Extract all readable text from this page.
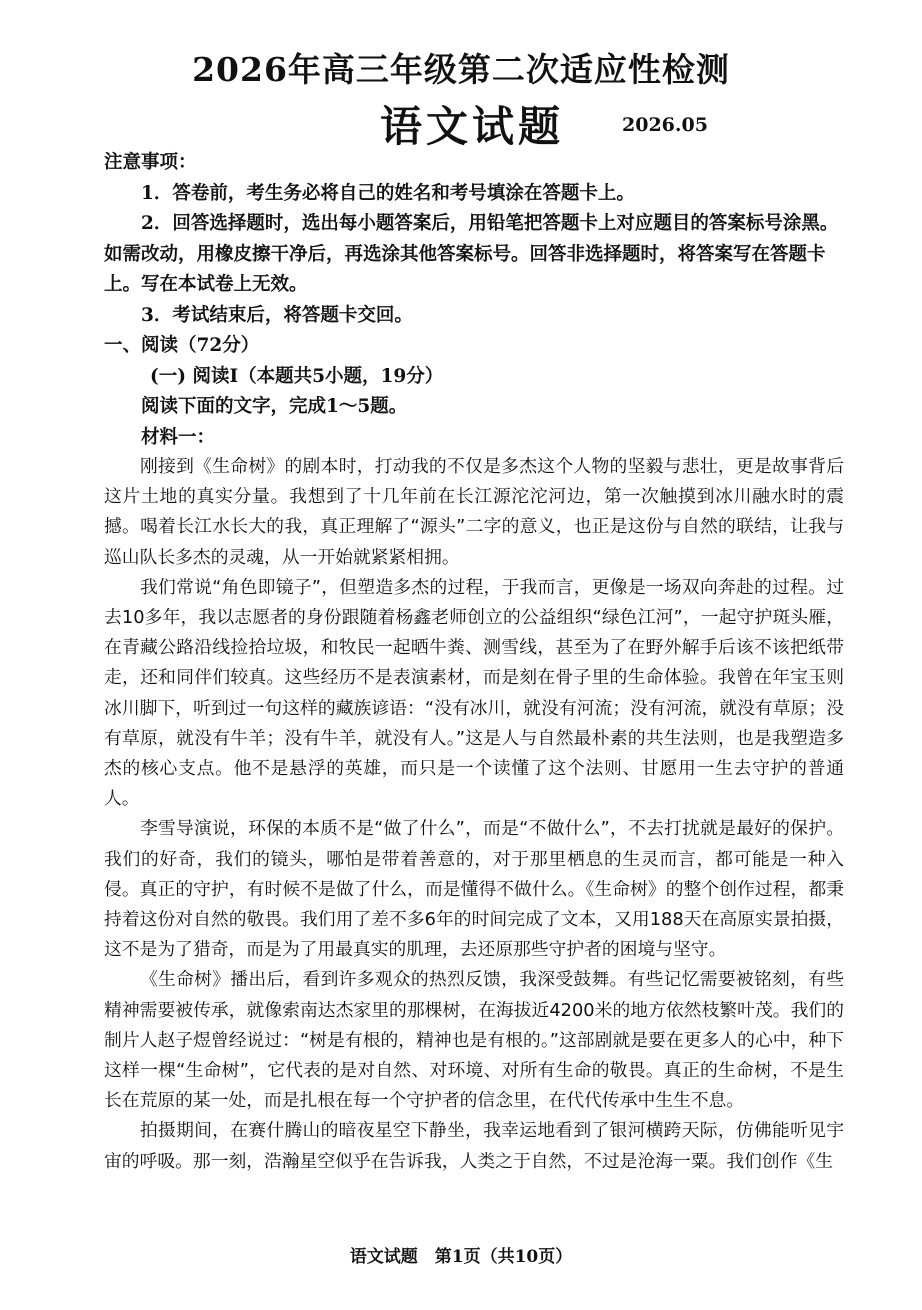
2026年高三年级第二次适应性检测
语文试题	2026.05

注意事项：

1．答卷前，考生务必将自己的姓名和考号填涂在答题卡上。

2．回答选择题时，选出每小题答案后，用铅笔把答题卡上对应题目的答案标号涂黑。如需改动，用橡皮擦干净后，再选涂其他答案标号。回答非选择题时，将答案写在答题卡上。写在本试卷上无效。

3．考试结束后，将答题卡交回。

一、阅读（72分）

(一) 阅读I（本题共5小题，19分）

阅读下面的文字，完成1～5题。

材料一：

刚接到《生命树》的剧本时，打动我的不仅是多杰这个人物的坚毅与悲壮，更是故事背后这片土地的真实分量。我想到了十几年前在长江源沱沱河边，第一次触摸到冰川融水时的震撼。喝着长江水长大的我，真正理解了“源头”二字的意义，也正是这份与自然的联结，让我与巡山队长多杰的灵魂，从一开始就紧紧相拥。

我们常说“角色即镜子”，但塑造多杰的过程，于我而言，更像是一场双向奔赴的过程。过去10多年，我以志愿者的身份跟随着杨鑫老师创立的公益组织“绿色江河”，一起守护斑头雁，在青藏公路沿线捡拾垃圾，和牧民一起晒牛粪、测雪线，甚至为了在野外解手后该不该把纸带走，还和同伴们较真。这些经历不是表演素材，而是刻在骨子里的生命体验。我曾在年宝玉则冰川脚下，听到过一句这样的藏族谚语：“没有冰川，就没有河流；没有河流，就没有草原；没有草原，就没有牛羊；没有牛羊，就没有人。”这是人与自然最朴素的共生法则，也是我塑造多杰的核心支点。他不是悬浮的英雄，而只是一个读懂了这个法则、甘愿用一生去守护的普通人。

李雪导演说，环保的本质不是“做了什么”，而是“不做什么”，不去打扰就是最好的保护。我们的好奇，我们的镜头，哪怕是带着善意的，对于那里栖息的生灵而言，都可能是一种入侵。真正的守护，有时候不是做了什么，而是懂得不做什么。《生命树》的整个创作过程，都秉持着这份对自然的敬畏。我们用了差不多6年的时间完成了文本，又用188天在高原实景拍摄，这不是为了猎奇，而是为了用最真实的肌理，去还原那些守护者的困境与坚守。

《生命树》播出后，看到许多观众的热烈反馈，我深受鼓舞。有些记忆需要被铭刻，有些精神需要被传承，就像索南达杰家里的那棵树，在海拔近4200米的地方依然枝繁叶茂。我们的制片人赵子煜曾经说过：“树是有根的，精神也是有根的。”这部剧就是要在更多人的心中，种下这样一棵“生命树”，它代表的是对自然、对环境、对所有生命的敬畏。真正的生命树，不是生长在荒原的某一处，而是扎根在每一个守护者的信念里，在代代传承中生生不息。

拍摄期间，在赛什腾山的暗夜星空下静坐，我幸运地看到了银河横跨天际，仿佛能听见宇宙的呼吸。那一刻，浩瀚星空似乎在告诉我，人类之于自然，不过是沧海一粟。我们创作《生

语文试题　第1页（共10页）
